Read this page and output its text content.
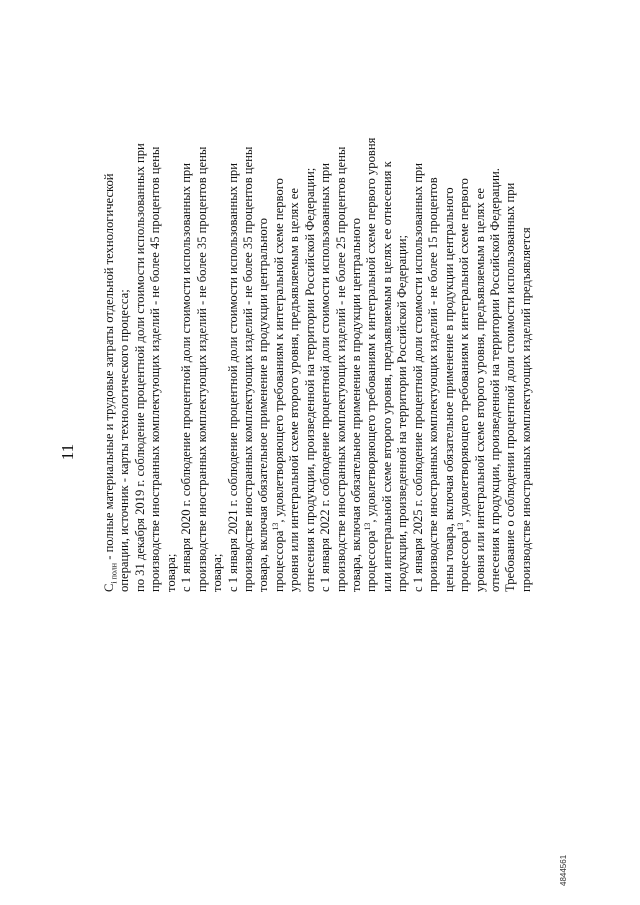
11
$C_{i полн}$ - полные материальные и трудовые затраты отдельной технологической операции, источник - карты технологического процесса; по 31 декабря 2019 г. соблюдение процентной доли стоимости использованных при производстве иностранных комплектующих изделий - не более 45 процентов цены товара; с 1 января 2020 г. соблюдение процентной доли стоимости использованных при производстве иностранных комплектующих изделий - не более 35 процентов цены товара; с 1 января 2021 г. соблюдение процентной доли стоимости использованных при производстве иностранных комплектующих изделий - не более 35 процентов цены товара, включая обязательное применение в продукции центрального процессора$^{13}$, удовлетворяющего требованиям к интегральной схеме первого уровня или интегральной схеме второго уровня, предъявляемым в целях ее отнесения к продукции, произведенной на территории Российской Федерации; с 1 января 2022 г. соблюдение процентной доли стоимости использованных при производстве иностранных комплектующих изделий - не более 25 процентов цены товара, включая обязательное применение в продукции центрального процессора$^{13}$, удовлетворяющего требованиям к интегральной схеме первого уровня или интегральной схеме второго уровня, предъявляемым в целях ее отнесения к продукции, произведенной на территории Российской Федерации; с 1 января 2025 г. соблюдение процентной доли стоимости использованных при производстве иностранных комплектующих изделий - не более 15 процентов цены товара, включая обязательное применение в продукции центрального процессора$^{13}$, удовлетворяющего требованиям к интегральной схеме первого уровня или интегральной схеме второго уровня, предъявляемым в целях ее отнесения к продукции, произведенной на территории Российской Федерации. Требование о соблюдении процентной доли стоимости использованных при производстве иностранных комплектующих изделий предъявляется
4844561
